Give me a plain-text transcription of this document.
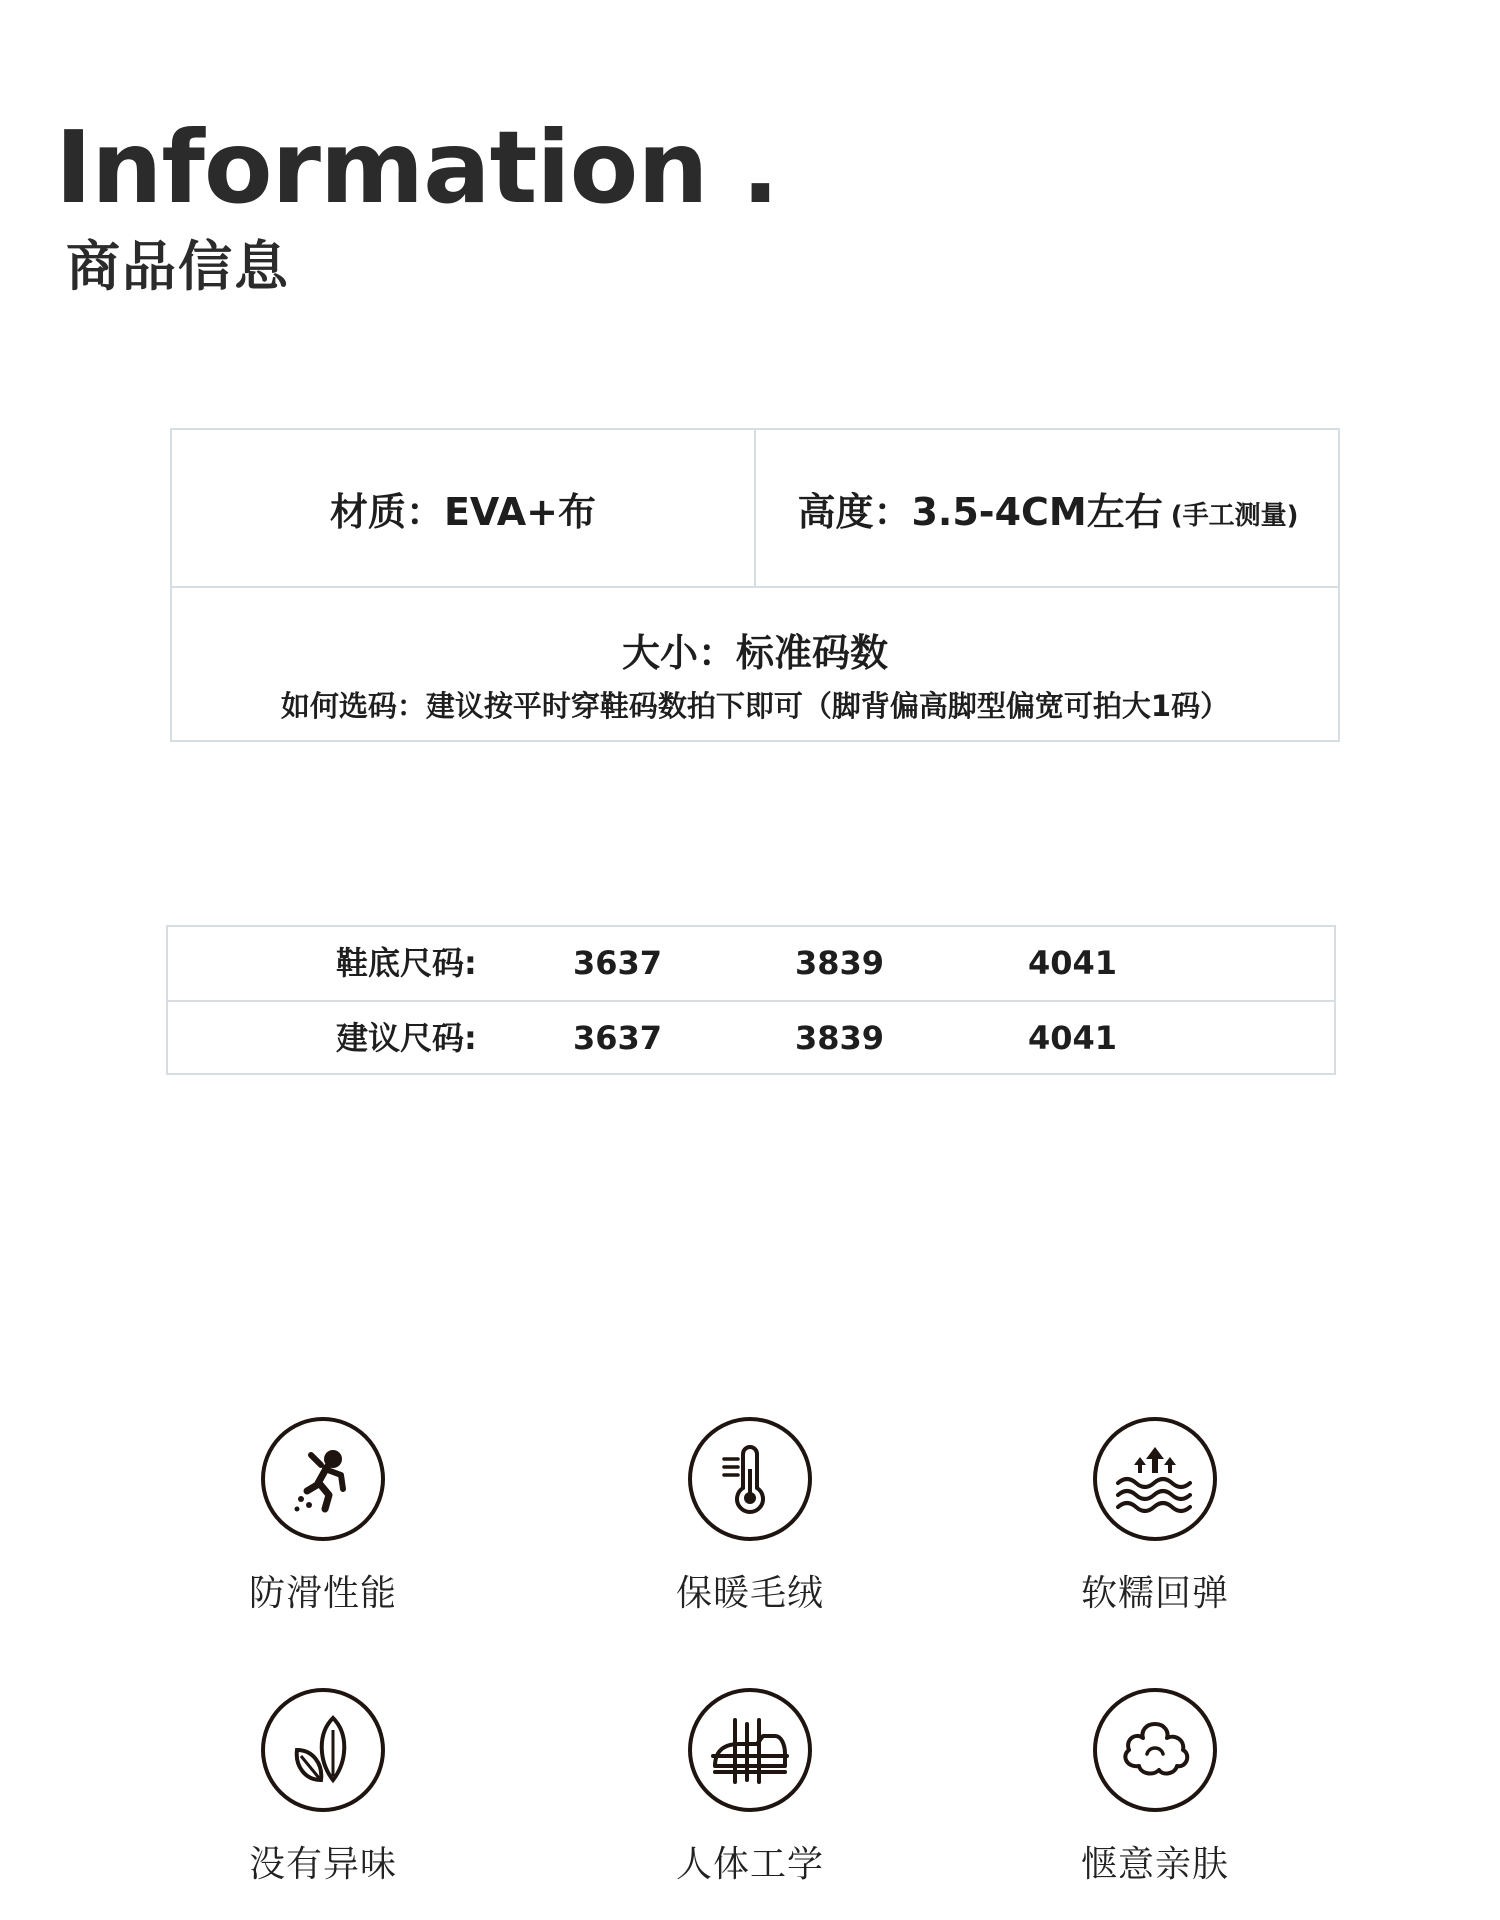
Information .
商品信息
材质：EVA+布	高度：3.5-4CM左右 (手工测量)
大小：标准码数
如何选码：建议按平时穿鞋码数拍下即可（脚背偏高脚型偏宽可拍大1码）
鞋底尺码:	3637	3839	4041
建议尺码:	3637	3839	4041
防滑性能	保暖毛绒	软糯回弹
没有异味	人体工学	惬意亲肤
